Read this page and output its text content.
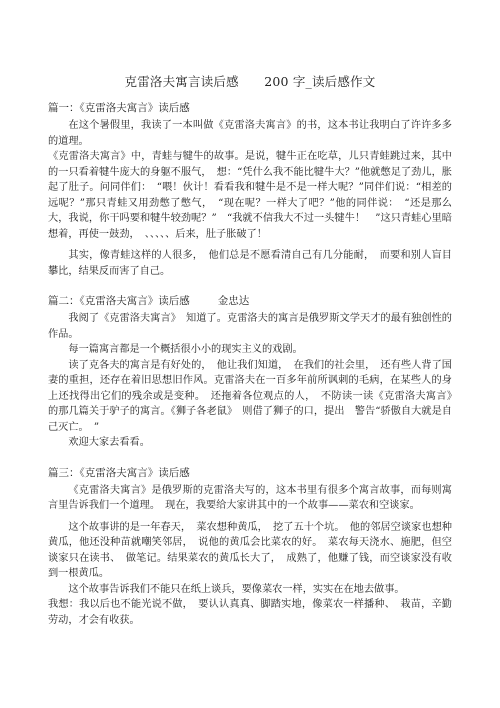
克雷洛夫寓言读后感　　200 字_读后感作文
篇一：《克雷洛夫寓言》读后感

在这个暑假里，我读了一本叫做《克雷洛夫寓言》的书，这本书让我明白了许许多多的道理。

《克雷洛夫寓言》中，青蛙与犍牛的故事。是说，犍牛正在吃草，儿只青蛙跳过来，其中的一只看着犍牛庞大的身躯不服气，　想：“凭什么我不能比犍牛大？”他就憋足了劲儿，胀起了肚子。问同伴们：　“喂！伙计！看看我和犍牛是不是一样大呢？”同伴们说：“相差的远呢？”那只青蛙又用劲憋了憋气，　“现在呢？一样大了吧？”他的同伴说：　“还是那么大，我说，你干吗要和犍牛较劲呢？”　“我就不信我大不过一头犍牛！　”这只青蛙心里暗想着，再使一鼓劲，　、、、、、后来，肚子胀破了！

其实，像青蛙这样的人很多，　他们总是不愿看清自己有几分能耐，　而要和别人盲目攀比，结果反而害了自己。

篇二：《克雷洛夫寓言》读后感	金忠达

我阅了《克雷洛夫寓言》　知道了。克雷洛夫的寓言是俄罗斯文学天才的最有独创性的作品。

每一篇寓言都是一个概括很小小的现实主义的戏剧。

读了克各夫的寓言是有好处的，　他让我们知道，　在我们的社会里，　还有些人背了国妻的重担，还存在着旧思想旧作风。克雷洛夫在一百多年前所讽刺的毛病，在某些人的身上还找得出它们的残余或是变种。　还拖着各位观点的人，　不防读一读《克雷洛夫寓言》　的那几篇关于驴子的寓言。《狮子各老鼠》　则借了狮子的口，提出　警告“骄傲自大就是自己灭亡。　”

欢迎大家去看看。

篇三：《克雷洛夫寓言》读后感

《克雷洛夫寓言》是俄罗斯的克雷洛夫写的，这本书里有很多个寓言故事，而每则寓言里告诉我们一个道理。　现在，我要给大家讲其中的一个故事——菜农和空谈家。

这个故事讲的是一年春天，　菜农想种黄瓜，　挖了五十个坑。　他的邻居空谈家也想种黄瓜，他还没种苗就嘲笑邻居，　说他的黄瓜会比菜农的好。　菜农每天浇水、施肥，但空谈家只在读书、　做笔记。结果菜农的黄瓜长大了，　成熟了，他赚了钱，而空谈家没有收到一根黄瓜。

这个故事告诉我们不能只在纸上谈兵，要像菜农一样，实实在在地去做事。

我想：我以后也不能光说不做，　要认认真真、脚踏实地，像菜农一样播种、　栽苗，辛勤劳动，才会有收获。
